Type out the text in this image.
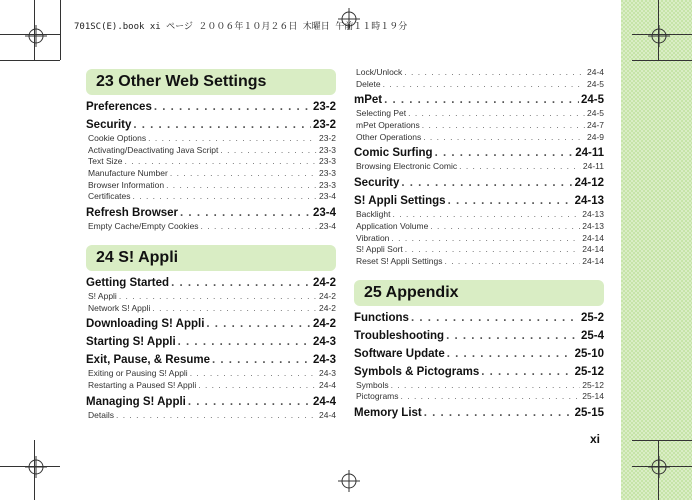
701SC(E).book xi ページ ２００６年１０月２６日 木曜日 午前１１時１９分
23 Other Web Settings
Preferences . . .	23-2
Security . . .	23-2
Cookie Options . . .	23-2
Activating/Deactivating Java Script . . .	23-3
Text Size . . .	23-3
Manufacture Number . . .	23-3
Browser Information . . .	23-3
Certificates . . .	23-4
Refresh Browser . . .	23-4
Empty Cache/Empty Cookies . . .	23-4
24 S! Appli
Getting Started . . .	24-2
S! Appli . . .	24-2
Network S! Appli . . .	24-2
Downloading S! Appli . . .	24-2
Starting S! Appli . . .	24-3
Exit, Pause, & Resume . . .	24-3
Exiting or Pausing S! Appli . . .	24-3
Restarting a Paused S! Appli . . .	24-4
Managing S! Appli . . .	24-4
Details . . .	24-4
Lock/Unlock . . .	24-4
Delete . . .	24-5
mPet . . .	24-5
Selecting Pet . . .	24-5
mPet Operations . . .	24-7
Other Operations . . .	24-9
Comic Surfing . . .	24-11
Browsing Electronic Comic . . .	24-11
Security . . .	24-12
S! Appli Settings . . .	24-13
Backlight . . .	24-13
Application Volume . . .	24-13
Vibration . . .	24-14
S! Appli Sort . . .	24-14
Reset S! Appli Settings . . .	24-14
25 Appendix
Functions . . .	25-2
Troubleshooting . . .	25-4
Software Update . . .	25-10
Symbols & Pictograms . . .	25-12
Symbols . . .	25-12
Pictograms . . .	25-14
Memory List . . .	25-15
xi
